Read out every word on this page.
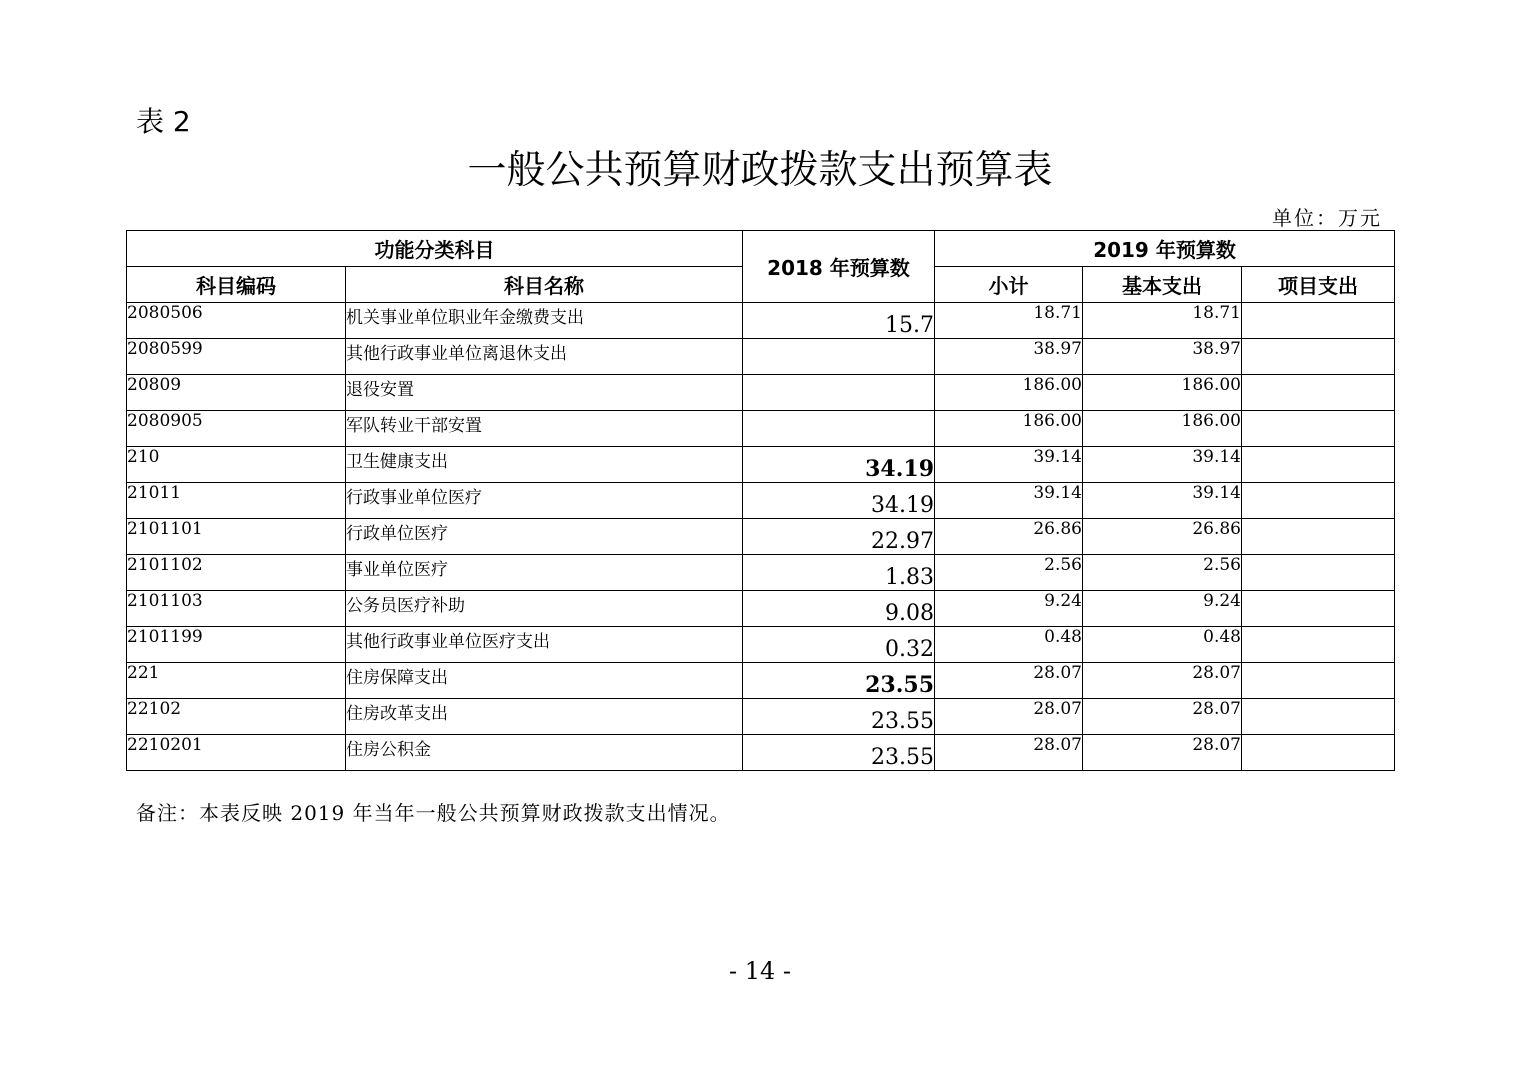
表 2
一般公共预算财政拨款支出预算表
单位：万元
功能分类科目		2018 年预算数	2019 年预算数		
科目编码	科目名称		小计	基本支出	项目支出
2080506	机关事业单位职业年金缴费支出	15.7	18.71	18.71	
2080599	其他行政事业单位离退休支出		38.97	38.97	
20809	退役安置		186.00	186.00	
2080905	军队转业干部安置		186.00	186.00	
210	卫生健康支出	34.19	39.14	39.14	
21011	行政事业单位医疗	34.19	39.14	39.14	
2101101	行政单位医疗	22.97	26.86	26.86	
2101102	事业单位医疗	1.83	2.56	2.56	
2101103	公务员医疗补助	9.08	9.24	9.24	
2101199	其他行政事业单位医疗支出	0.32	0.48	0.48	
221	住房保障支出	23.55	28.07	28.07	
22102	住房改革支出	23.55	28.07	28.07	
2210201	住房公积金	23.55	28.07	28.07	
备注：本表反映 2019 年当年一般公共预算财政拨款支出情况。
- 14 -
